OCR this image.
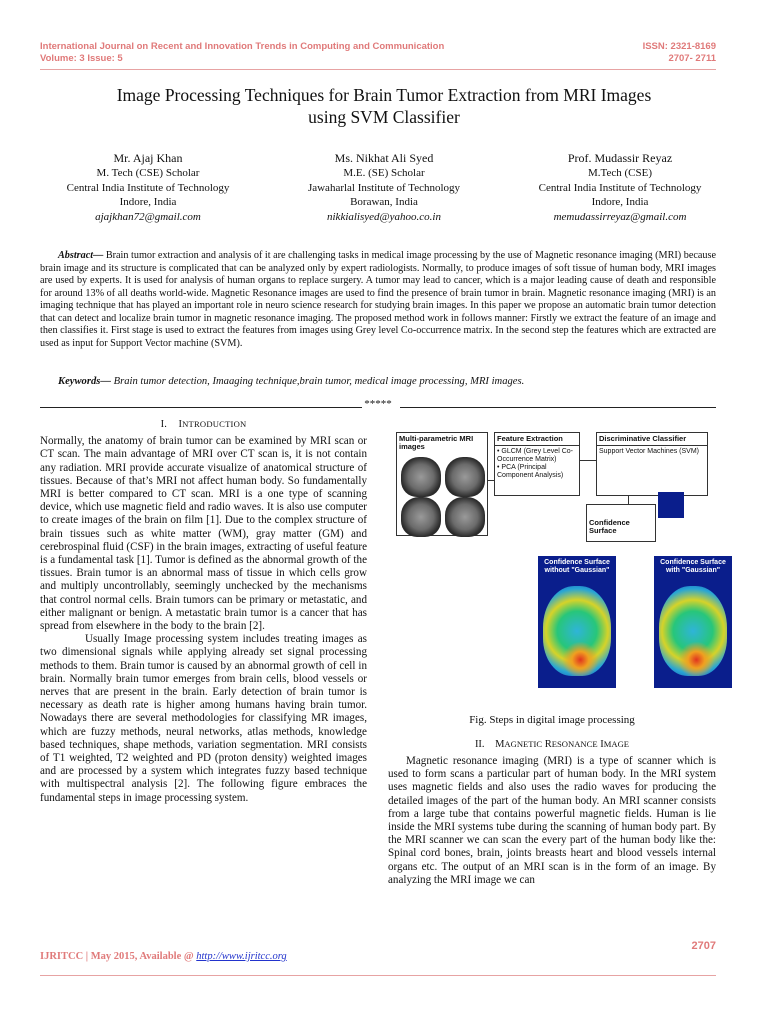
International Journal on Recent and Innovation Trends in Computing and Communication
Volume: 3 Issue: 5
ISSN: 2321-8169
2707- 2711
Image Processing Techniques for Brain Tumor Extraction from MRI Images
using SVM Classifier
Mr. Ajaj Khan
M. Tech (CSE) Scholar
Central India Institute of Technology
Indore, India
ajajkhan72@gmail.com
Ms. Nikhat Ali Syed
M.E. (SE) Scholar
Jawaharlal Institute of Technology
Borawan, India
nikkialisyed@yahoo.co.in
Prof. Mudassir Reyaz
M.Tech (CSE)
Central India Institute of Technology
Indore, India
memudassirreyaz@gmail.com
Abstract— Brain tumor extraction and analysis of it are challenging tasks in medical image processing by the use of Magnetic resonance imaging (MRI) because brain image and its structure is complicated that can be analyzed only by expert radiologists. Normally, to produce images of soft tissue of human body, MRI images are used by experts. It is used for analysis of human organs to replace surgery. A tumor may lead to cancer, which is a major leading cause of death and responsible for around 13% of all deaths world-wide. Magnetic Resonance images are used to find the presence of brain tumor in brain. Magnetic resonance imaging (MRI) is an imaging technique that has played an important role in neuro science research for studying brain images. In this paper we propose an automatic brain tumor detection that can detect and localize brain tumor in magnetic resonance imaging. The proposed method work in follows manner: Firstly we extract the feature of an image and then classifies it. First stage is used to extract the features from images using Grey level Co-occurrence matrix. In the second step the features which are extracted are used as input for Support Vector machine (SVM).
Keywords— Brain tumor detection, Imaaging technique,brain tumor, medical image processing, MRI images.
*****
I. INTRODUCTION

Normally, the anatomy of brain tumor can be examined by MRI scan or CT scan. The main advantage of MRI over CT scan is, it is not contain any radiation. MRI provide accurate visualize of anatomical structure of tissues. Because of that’s MRI not affect human body. So fundamentally MRI is better compared to CT scan. MRI is a one type of scanning device, which use magnetic field and radio waves. It is also use computer to create images of the brain on film [1]. Due to the complex structure of brain tissues such as white matter (WM), gray matter (GM) and cerebrospinal fluid (CSF) in the brain images, extracting of useful feature is a fundamental task [1]. Tumor is defined as the abnormal growth of the tissues. Brain tumor is an abnormal mass of tissue in which cells grow and multiply uncontrollably, seemingly unchecked by the mechanisms that control normal cells. Brain tumors can be primary or metastatic, and either malignant or benign. A metastatic brain tumor is a cancer that has spread from elsewhere in the body to the brain [2].

Usually Image processing system includes treating images as two dimensional signals while applying already set signal processing methods to them. Brain tumor is caused by an abnormal growth of cell in brain. Normally brain tumor emerges from brain cells, blood vessels or nerves that are present in the brain. Early detection of brain tumor is necessary as death rate is higher among humans having brain tumor. Nowadays there are several methodologies for classifying MR images, which are fuzzy methods, neural networks, atlas methods, knowledge based techniques, shape methods, variation segmentation. MRI consists of T1 weighted, T2 weighted and PD (proton density) weighted images and are processed by a system which integrates fuzzy based technique with multispectral analysis [2]. The following figure embraces the fundamental steps in image processing system.

Multi-parametric MRI images
Feature Extraction
• GLCM (Grey Level Co-Occurrence Matrix)
• PCA (Principal Component Analysis)
Discriminative Classifier
Support Vector Machines (SVM)
Confidence Surface
Confidence Surface without "Gaussian"
Confidence Surface with "Gaussian"
Fig. Steps in digital image processing
II. MAGNETIC RESONANCE IMAGE
Magnetic resonance imaging (MRI) is a type of scanner which is used to form scans a particular part of human body. In the MRI system uses magnetic fields and also uses the radio waves for producing the detailed images of the part of the human body. An MRI scanner consists from a large tube that contains powerful magnetic fields. Human is lie inside the MRI systems tube during the scanning of human body part. By the MRI scanner we can scan the every part of the human body like the: Spinal cord bones, brain, joints breasts heart and blood vessels internal organs etc. The output of an MRI scan is in the form of an image. By analyzing the MRI image we can
2707
IJRITCC | May 2015, Available @ http://www.ijritcc.org
